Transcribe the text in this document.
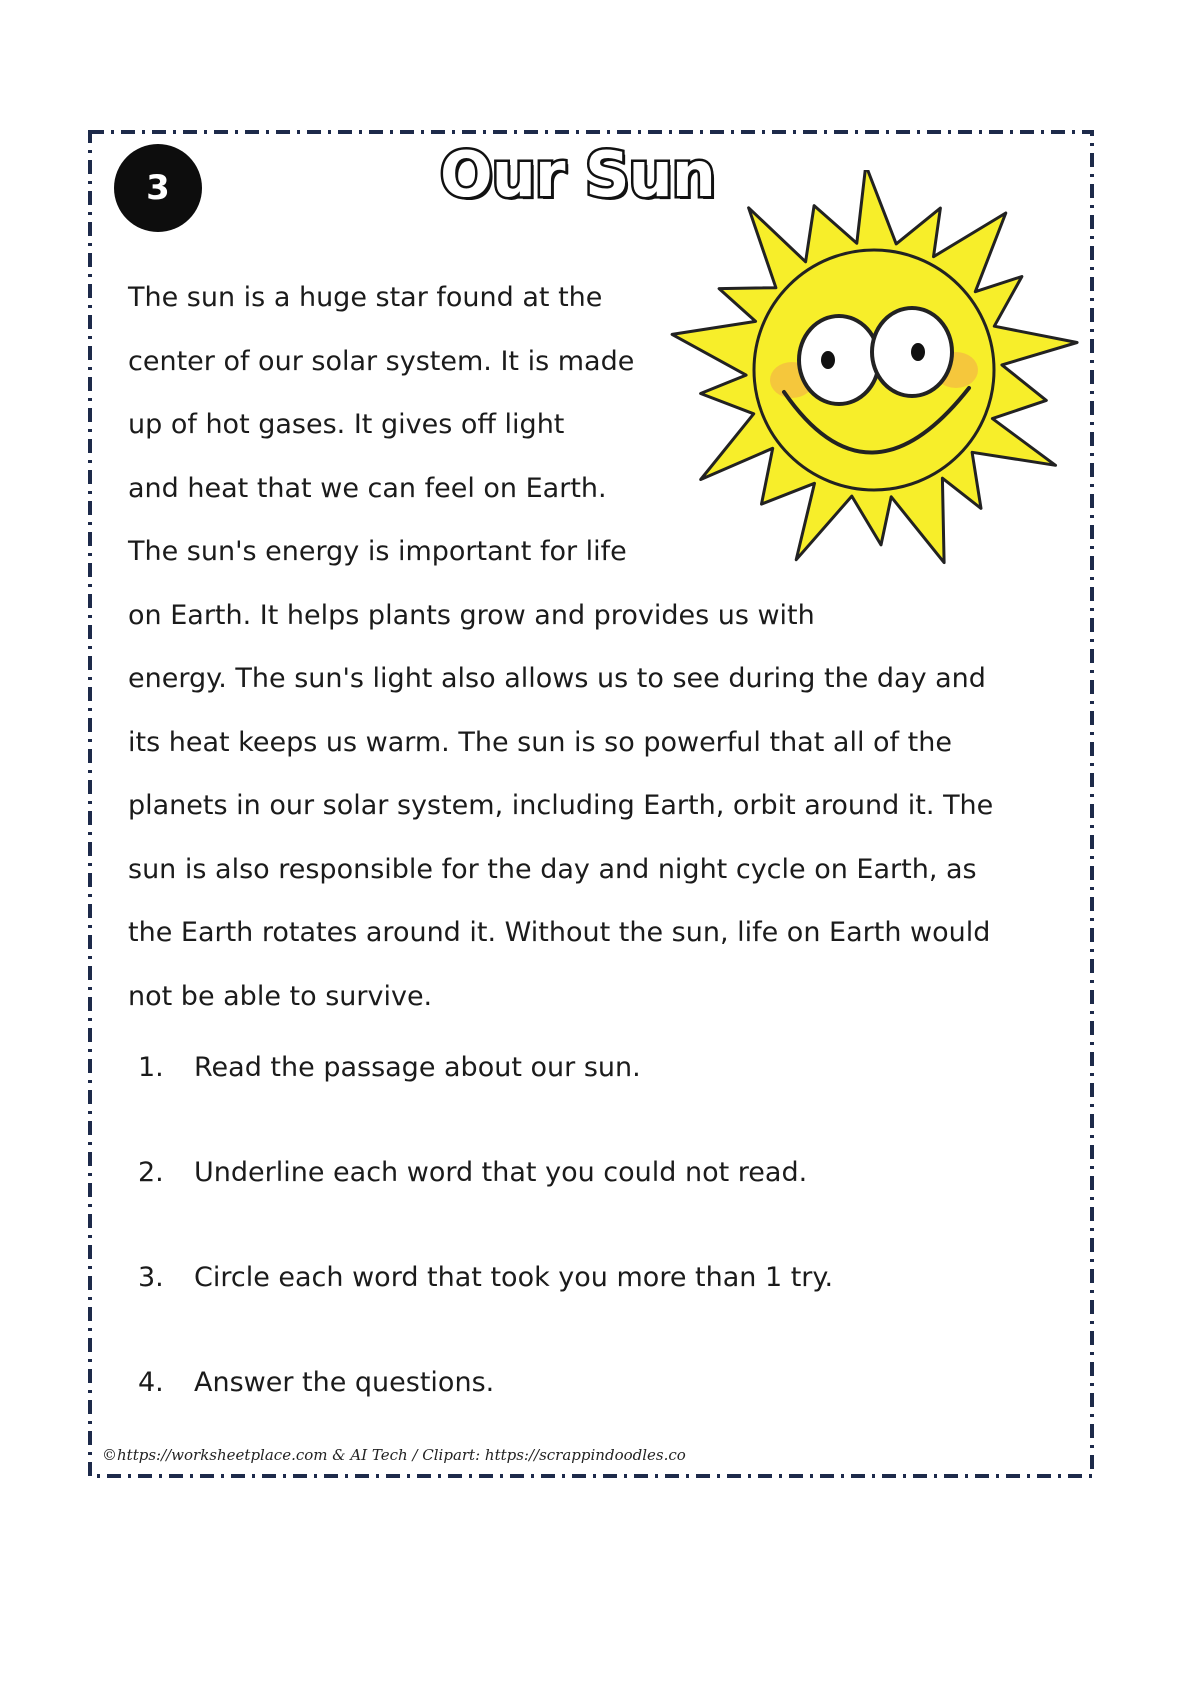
3	Our Sun
The sun is a huge star found at the
center of our solar system. It is made
up of hot gases. It gives off light
and heat that we can feel on Earth.
The sun's energy is important for life
on Earth. It helps plants grow and provides us with
energy. The sun's light also allows us to see during the day and
its heat keeps us warm. The sun is so powerful that all of the
planets in our solar system, including Earth, orbit around it. The
sun is also responsible for the day and night cycle on Earth, as
the Earth rotates around it. Without the sun, life on Earth would
not be able to survive.
1.	Read the passage about our sun.
2.	Underline each word that you could not read.
3.	Circle each word that took you more than 1 try.
4.	Answer the questions.
©https://worksheetplace.com & AI Tech / Clipart: https://scrappindoodles.co
